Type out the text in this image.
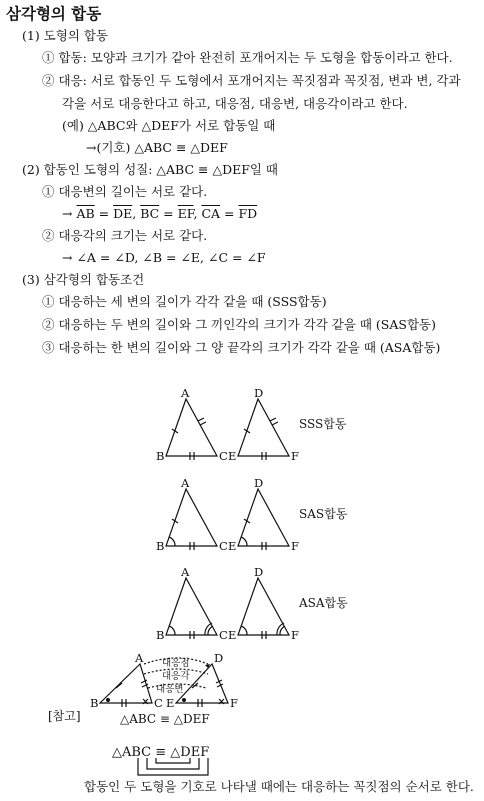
삼각형의 합동
(1) 도형의 합동
① 합동: 모양과 크기가 같아 완전히 포개어지는 두 도형을 합동이라고 한다.
② 대응: 서로 합동인 두 도형에서 포개어지는 꼭짓점과 꼭짓점, 변과 변, 각과
각을 서로 대응한다고 하고, 대응점, 대응변, 대응각이라고 한다.
(예) △ABC와 △DEF가 서로 합동일 때
→(기호) △ABC ≡ △DEF
(2) 합동인 도형의 성질: △ABC ≡ △DEF일 때
① 대응변의 길이는 서로 같다.
→ $\overline{AB} = \overline{DE}$, $\overline{BC} = \overline{EF}$, $\overline{CA} = \overline{FD}$
② 대응각의 크기는 서로 같다.
→ ∠A = ∠D, ∠B = ∠E, ∠C = ∠F
(3) 삼각형의 합동조건
① 대응하는 세 변의 길이가 각각 같을 때 (SSS합동)
② 대응하는 두 변의 길이와 그 끼인각의 크기가 각각 같을 때 (SAS합동)
③ 대응하는 한 변의 길이와 그 양 끝각의 크기가 각각 같을 때 (ASA합동)
A
B	C
D
E	F
A
B	C
D
E	F
A
B	C
D
E	F
A
B	C
D
E	F
SSS합동
SAS합동
ASA합동
대응점
대응각
대응변
[참고]	△ABC ≡ △DEF
△ABC ≡ △DEF
합동인 두 도형을 기호로 나타낼 때에는 대응하는 꼭짓점의 순서로 한다.
